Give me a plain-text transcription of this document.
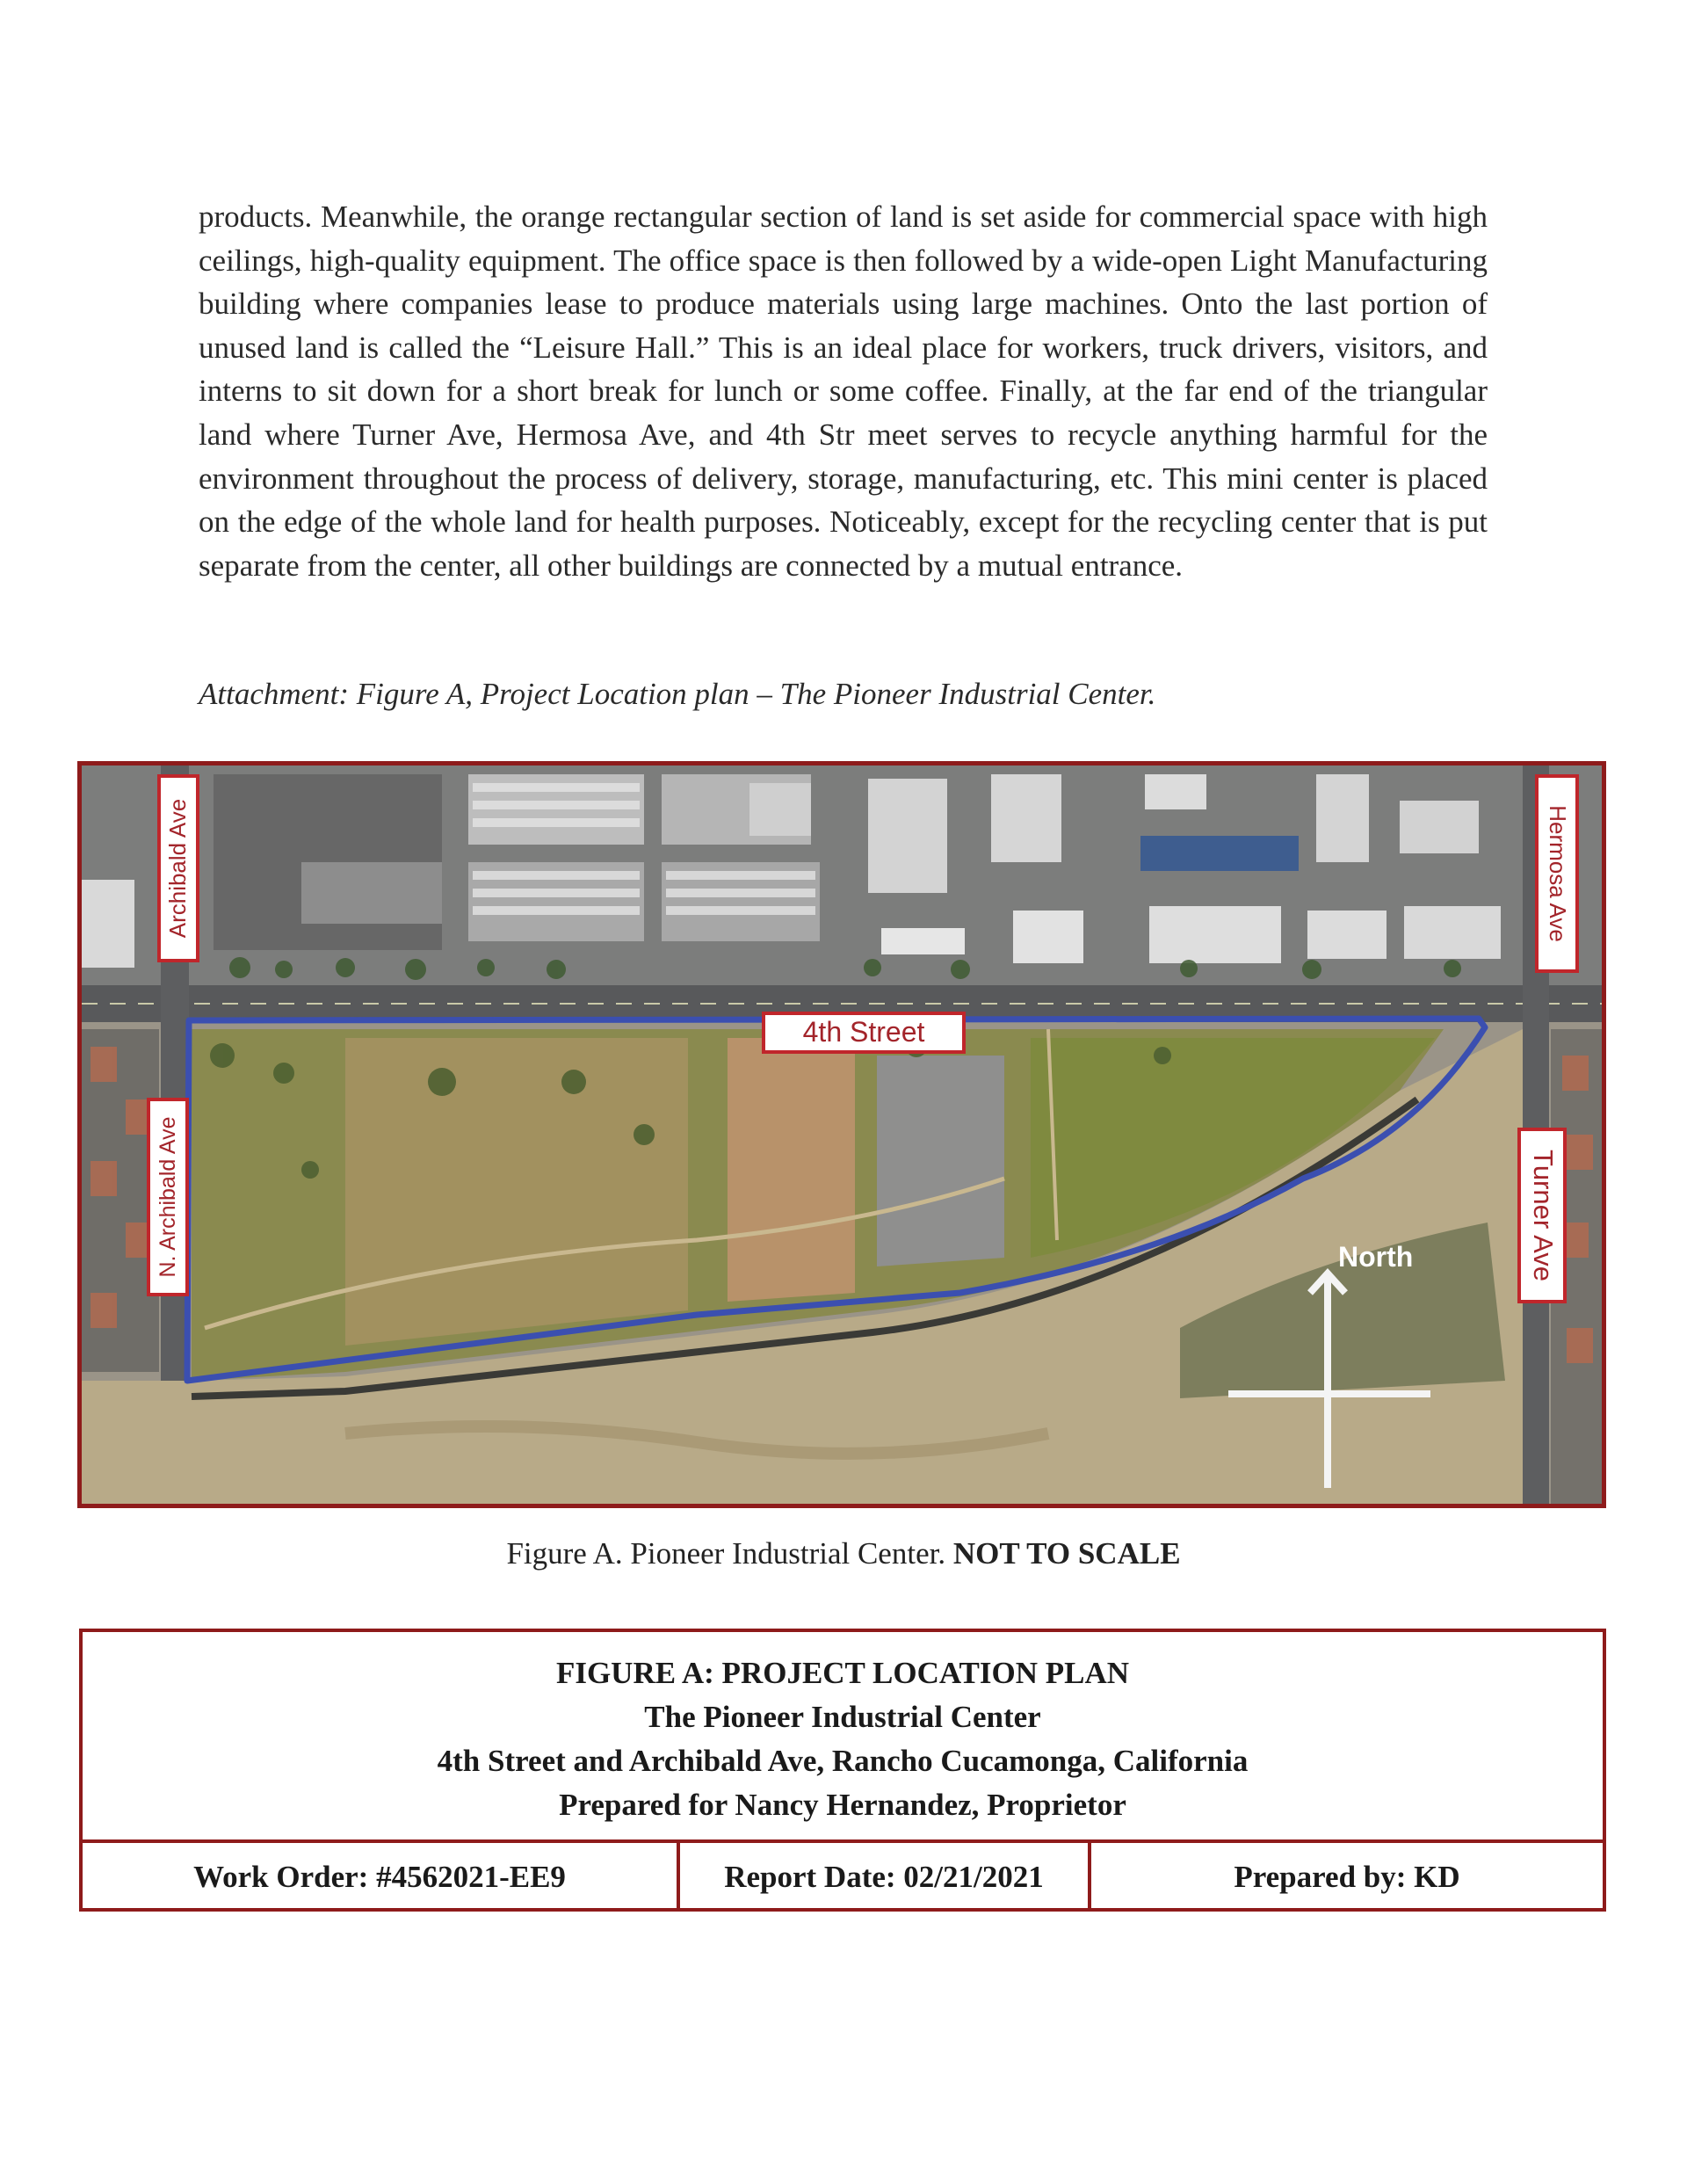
products. Meanwhile, the orange rectangular section of land is set aside for commercial space with high ceilings, high-quality equipment. The office space is then followed by a wide-open Light Manufacturing building where companies lease to produce materials using large machines. Onto the last portion of unused land is called the “Leisure Hall.” This is an ideal place for workers, truck drivers, visitors, and interns to sit down for a short break for lunch or some coffee. Finally, at the far end of the triangular land where Turner Ave, Hermosa Ave, and 4th Str meet serves to recycle anything harmful for the environment throughout the process of delivery, storage, manufacturing, etc. This mini center is placed on the edge of the whole land for health purposes. Noticeably, except for the recycling center that is put separate from the center, all other buildings are connected by a mutual entrance.

Attachment: Figure A, Project Location plan – The Pioneer Industrial Center.
Archibald Ave	Hermosa Ave
4th Street
N. Archibald Ave	Turner Ave
North
Figure A. Pioneer Industrial Center. NOT TO SCALE
FIGURE A: PROJECT LOCATION PLAN
The Pioneer Industrial Center
4th Street and Archibald Ave, Rancho Cucamonga, California
Prepared for Nancy Hernandez, Proprietor
Work Order: #4562021-EE9	Report Date: 02/21/2021	Prepared by: KD
